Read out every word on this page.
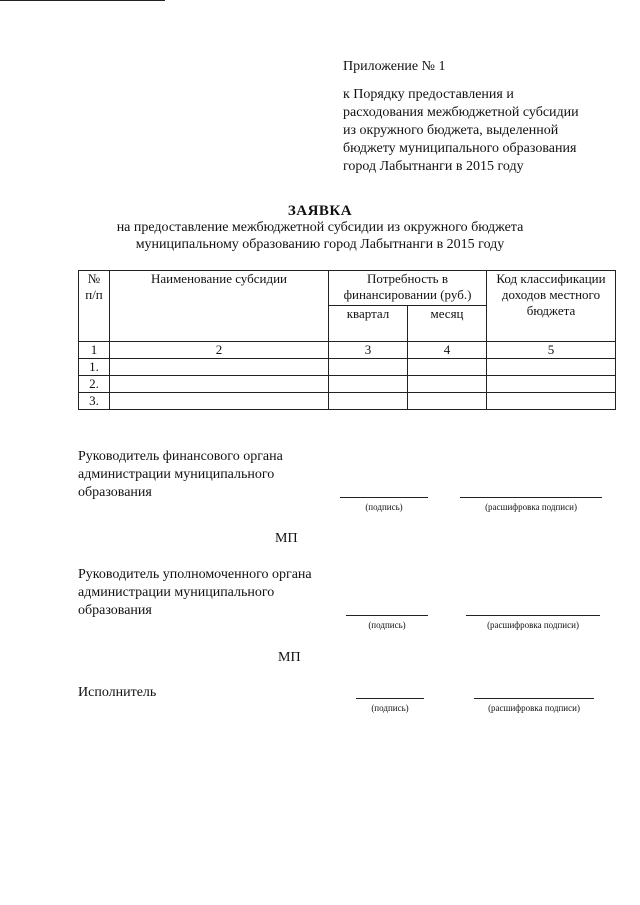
Приложение № 1
к Порядку предоставления и
расходования межбюджетной субсидии
из окружного бюджета, выделенной
бюджету муниципального образования
город Лабытнанги в 2015 году
ЗАЯВКА
на предоставление межбюджетной субсидии из окружного бюджета
муниципальному образованию город Лабытнанги в 2015 году
№ п/п	Наименование субсидии	Потребность в финансировании (руб.)		Код классификации доходов местного бюджета
		квартал	месяц	
1	2	3	4	5
1.				
2.				
3.				
Руководитель финансового органа администрации муниципального образования
(подпись)	(расшифровка подписи)
МП
Руководитель уполномоченного органа администрации муниципального образования
(подпись)	(расшифровка подписи)
МП
Исполнитель
(подпись)	(расшифровка подписи)
